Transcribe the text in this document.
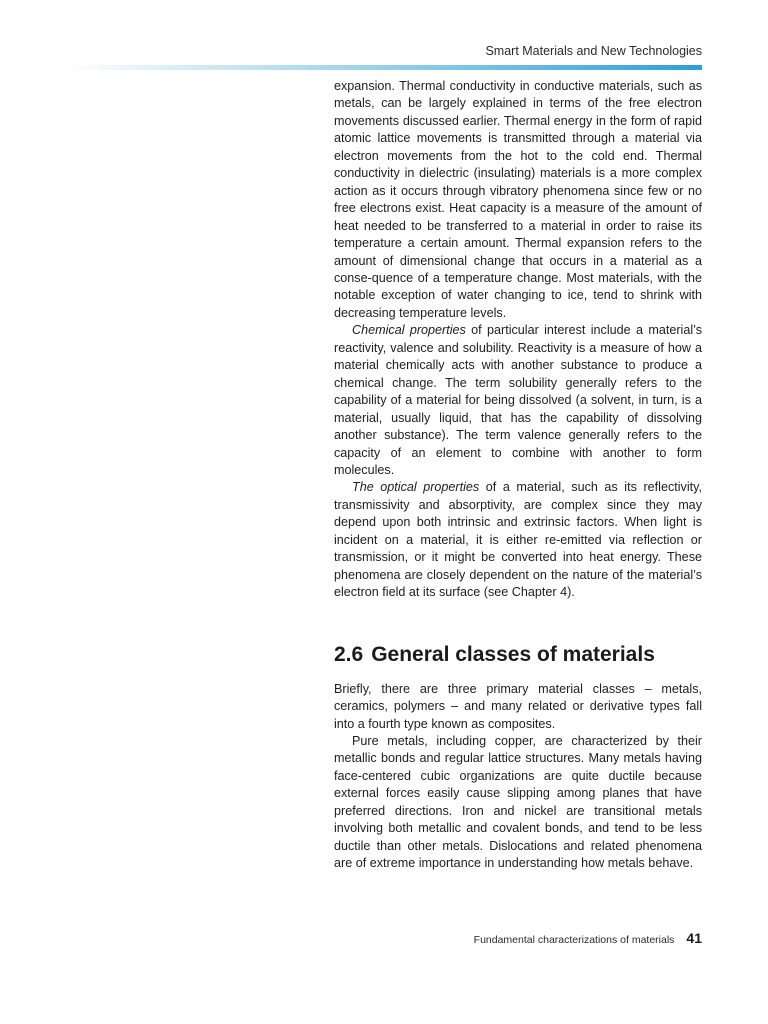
Smart Materials and New Technologies

expansion. Thermal conductivity in conductive materials, such as metals, can be largely explained in terms of the free electron movements discussed earlier. Thermal energy in the form of rapid atomic lattice movements is transmitted through a material via electron movements from the hot to the cold end. Thermal conductivity in dielectric (insulating) materials is a more complex action as it occurs through vibratory phenomena since few or no free electrons exist. Heat capacity is a measure of the amount of heat needed to be transferred to a material in order to raise its temperature a certain amount. Thermal expansion refers to the amount of dimensional change that occurs in a material as a conse-quence of a temperature change. Most materials, with the notable exception of water changing to ice, tend to shrink with decreasing temperature levels.

Chemical properties of particular interest include a material’s reactivity, valence and solubility. Reactivity is a measure of how a material chemically acts with another substance to produce a chemical change. The term solubility generally refers to the capability of a material for being dissolved (a solvent, in turn, is a material, usually liquid, that has the capability of dissolving another substance). The term valence generally refers to the capacity of an element to combine with another to form molecules.

The optical properties of a material, such as its reflectivity, transmissivity and absorptivity, are complex since they may depend upon both intrinsic and extrinsic factors. When light is incident on a material, it is either re-emitted via reflection or transmission, or it might be converted into heat energy. These phenomena are closely dependent on the nature of the material’s electron field at its surface (see Chapter 4).

2.6 General classes of materials

Briefly, there are three primary material classes – metals, ceramics, polymers – and many related or derivative types fall into a fourth type known as composites.

Pure metals, including copper, are characterized by their metallic bonds and regular lattice structures. Many metals having face-centered cubic organizations are quite ductile because external forces easily cause slipping among planes that have preferred directions. Iron and nickel are transitional metals involving both metallic and covalent bonds, and tend to be less ductile than other metals. Dislocations and related phenomena are of extreme importance in understanding how metals behave.

Fundamental characterizations of materials 41
